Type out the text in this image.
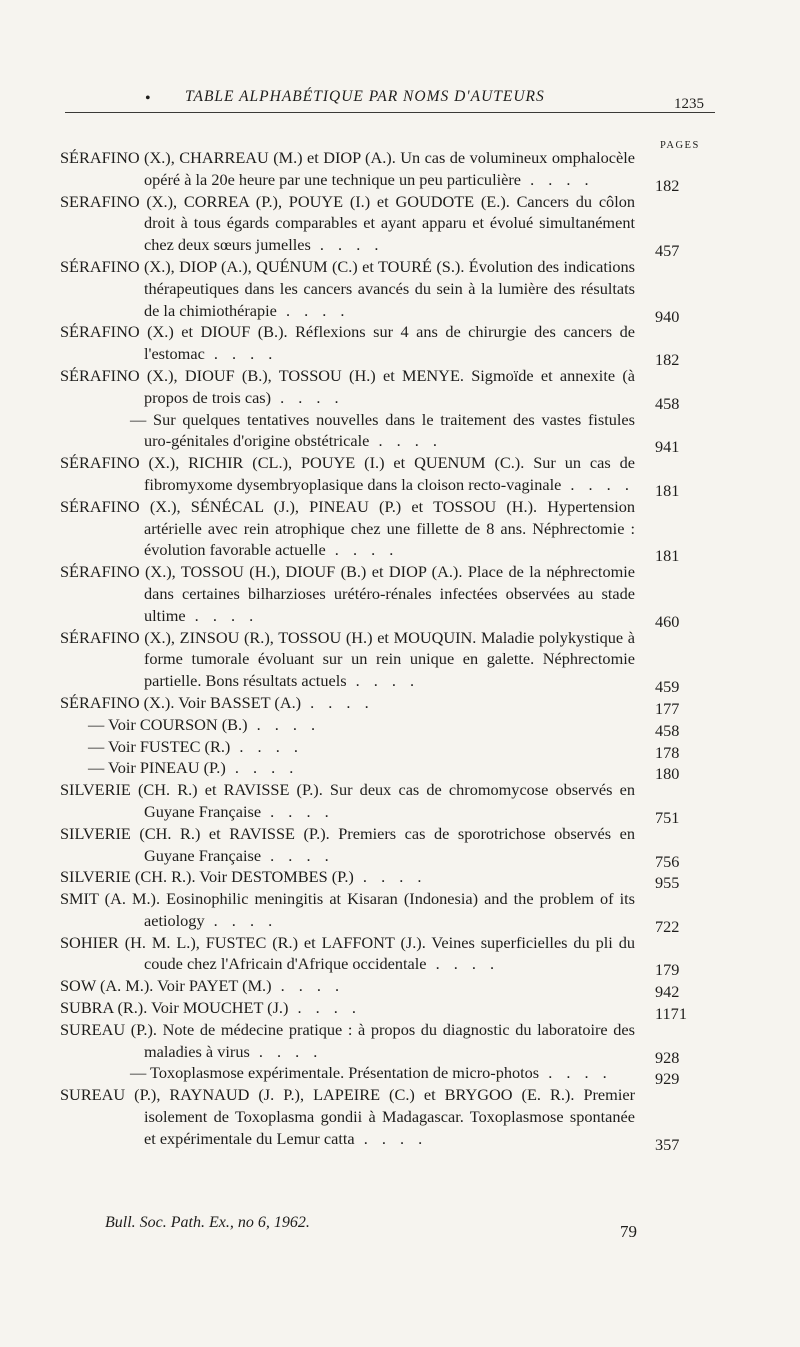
• TABLE ALPHABÉTIQUE PAR NOMS D'AUTEURS	1235
PAGES
SÉRAFINO (X.), CHARREAU (M.) et DIOP (A.). Un cas de volumineux omphalocèle opéré à la 20e heure par une technique un peu particulière . . . .	182
SERAFINO (X.), CORREA (P.), POUYE (I.) et GOUDOTE (E.). Cancers du côlon droit à tous égards comparables et ayant apparu et évolué simultanément chez deux sœurs jumelles . . . .	457
SÉRAFINO (X.), DIOP (A.), QUÉNUM (C.) et TOURÉ (S.). Évolution des indications thérapeutiques dans les cancers avancés du sein à la lumière des résultats de la chimiothérapie . . . .	940
SÉRAFINO (X.) et DIOUF (B.). Réflexions sur 4 ans de chirurgie des cancers de l'estomac . . . .	182
SÉRAFINO (X.), DIOUF (B.), TOSSOU (H.) et MENYE. Sigmoïde et annexite (à propos de trois cas) . . . .	458
— Sur quelques tentatives nouvelles dans le traitement des vastes fistules uro-génitales d'origine obstétricale . . . .	941
SÉRAFINO (X.), RICHIR (CL.), POUYE (I.) et QUENUM (C.). Sur un cas de fibromyxome dysembryoplasique dans la cloison recto-vaginale . . . . 181
SÉRAFINO (X.), SÉNÉCAL (J.), PINEAU (P.) et TOSSOU (H.). Hypertension artérielle avec rein atrophique chez une fillette de 8 ans. Néphrectomie : évolution favorable actuelle . . . .	181
SÉRAFINO (X.), TOSSOU (H.), DIOUF (B.) et DIOP (A.). Place de la néphrectomie dans certaines bilharzioses urétéro-rénales infectées observées au stade ultime . . . .	460
SÉRAFINO (X.), ZINSOU (R.), TOSSOU (H.) et MOUQUIN. Maladie polykystique à forme tumorale évoluant sur un rein unique en galette. Néphrectomie partielle. Bons résultats actuels . . . .	459
SÉRAFINO (X.). Voir BASSET (A.) . . . .	177
— Voir COURSON (B.) . . . .	458
— Voir FUSTEC (R.) . . . .	178
— Voir PINEAU (P.) . . . .	180
SILVERIE (CH. R.) et RAVISSE (P.). Sur deux cas de chromomycose observés en Guyane Française . . . .	751
SILVERIE (CH. R.) et RAVISSE (P.). Premiers cas de sporotrichose observés en Guyane Française . . . .	756
SILVERIE (CH. R.). Voir DESTOMBES (P.) . . . .	955
SMIT (A. M.). Eosinophilic meningitis at Kisaran (Indonesia) and the problem of its aetiology . . . .	722
SOHIER (H. M. L.), FUSTEC (R.) et LAFFONT (J.). Veines superficielles du pli du coude chez l'Africain d'Afrique occidentale . . . .	179
SOW (A. M.). Voir PAYET (M.) . . . .	942
SUBRA (R.). Voir MOUCHET (J.) . . . .	1171
SUREAU (P.). Note de médecine pratique : à propos du diagnostic du laboratoire des maladies à virus . . . .	928
— Toxoplasmose expérimentale. Présentation de micro-photos . . . .	929
SUREAU (P.), RAYNAUD (J. P.), LAPEIRE (C.) et BRYGOO (E. R.). Premier isolement de Toxoplasma gondii à Madagascar. Toxoplasmose spontanée et expérimentale du Lemur catta . . . .	357
Bull. Soc. Path. Ex., no 6, 1962.	79
